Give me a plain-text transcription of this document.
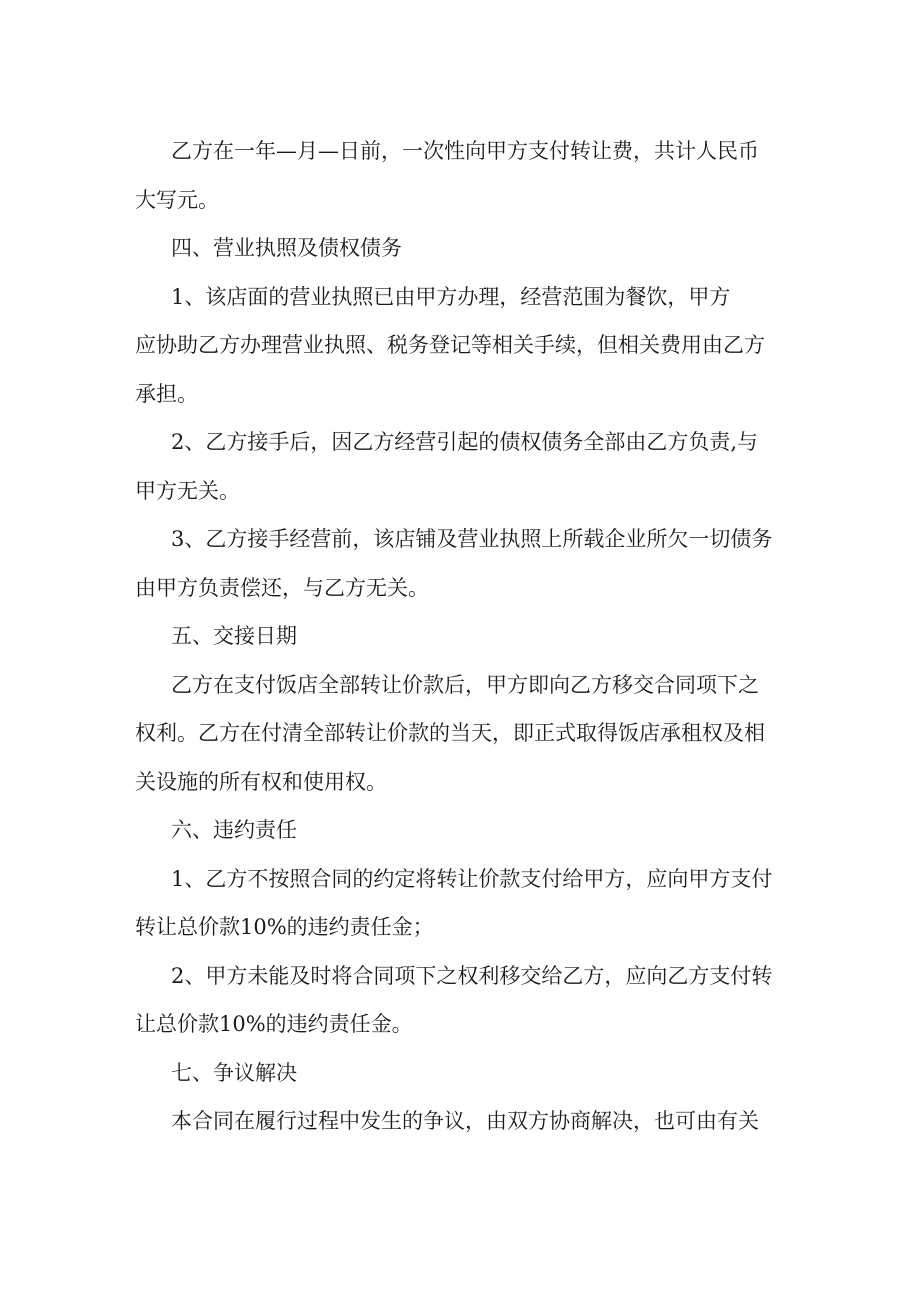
乙方在一年—月—日前，一次性向甲方支付转让费，共计人民币
大写元。
四、营业执照及债权债务
1、该店面的营业执照已由甲方办理，经营范围为餐饮，甲方
应协助乙方办理营业执照、税务登记等相关手续，但相关费用由乙方
承担。
2、乙方接手后，因乙方经营引起的债权债务全部由乙方负责,与
甲方无关。
3、乙方接手经营前，该店铺及营业执照上所载企业所欠一切债务
由甲方负责偿还，与乙方无关。
五、交接日期
乙方在支付饭店全部转让价款后，甲方即向乙方移交合同项下之
权利。乙方在付清全部转让价款的当天，即正式取得饭店承租权及相
关设施的所有权和使用权。
六、违约责任
1、乙方不按照合同的约定将转让价款支付给甲方，应向甲方支付
转让总价款10%的违约责任金；
2、甲方未能及时将合同项下之权利移交给乙方，应向乙方支付转
让总价款10%的违约责任金。
七、争议解决
本合同在履行过程中发生的争议，由双方协商解决，也可由有关
